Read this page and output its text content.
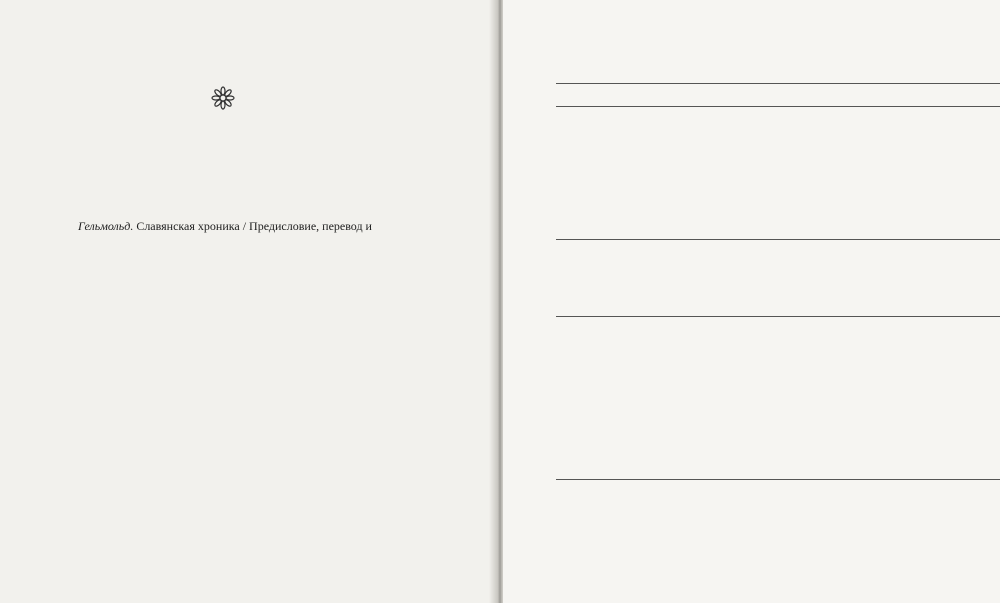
Гельмольд. Славянская хроника / Предисловие, перевод и
